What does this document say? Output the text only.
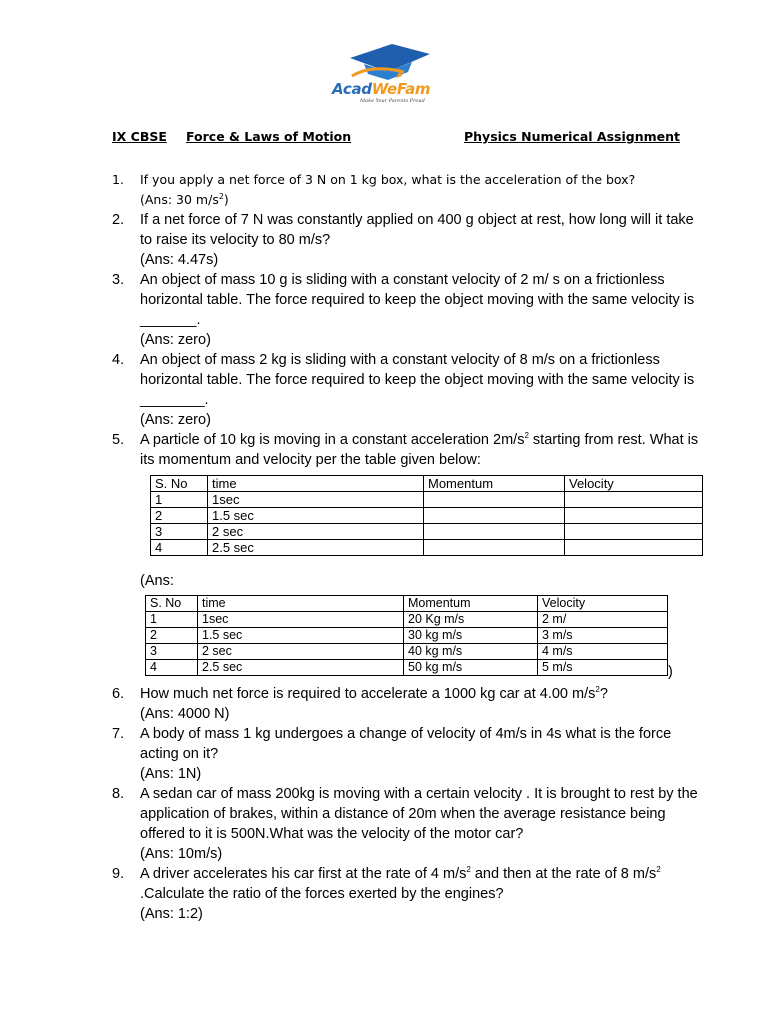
AcadWeFam
Make Your Parents Proud
IX CBSE Force & Laws of Motion	Physics Numerical Assignment
1. If you apply a net force of 3 N on 1 kg box, what is the acceleration of the box?
(Ans: 30 $m/s^2$)
2.	If a net force of 7 N was constantly applied on 400 g object at rest, how long will it take to raise its velocity to 80 m/s?
(Ans: 4.47s)
3.	An object of mass 10 g is sliding with a constant velocity of 2 m/ s on a frictionless horizontal table. The force required to keep the object moving with the same velocity is _______.
(Ans: zero)
4.	An object of mass 2 kg is sliding with a constant velocity of 8 m/s on a frictionless horizontal table. The force required to keep the object moving with the same velocity is ________.
(Ans: zero)
5.	A particle of 10 kg is moving in a constant acceleration $2m/s^2$ starting from rest. What is its momentum and velocity per the table given below:
S. No	time	Momentum	Velocity
1	1sec		
2	1.5 sec		
3	2 sec		
4	2.5 sec		
(Ans:
S. No	time	Momentum	Velocity
1	1sec	20 Kg m/s	2 m/
2	1.5 sec	30 kg m/s	3 m/s
3	2 sec	40 kg m/s	4 m/s
4	2.5 sec	50 kg m/s	5 m/s	)
6.	How much net force is required to accelerate a 1000 kg car at 4.00 $m/s^2$?
(Ans: 4000 N)
7.	A body of mass 1 kg undergoes a change of velocity of 4m/s in 4s what is the force acting on it?
(Ans: 1N)
8.	A sedan car of mass 200kg is moving with a certain velocity . It is brought to rest by the application of brakes, within a distance of 20m when the average resistance being offered to it is 500N.What was the velocity of the motor car?
(Ans: 10m/s)
9.	A driver accelerates his car first at the rate of 4 $m/s^2$ and then at the rate of 8 $m/s^2$ .Calculate the ratio of the forces exerted by the engines?
(Ans: 1:2)
